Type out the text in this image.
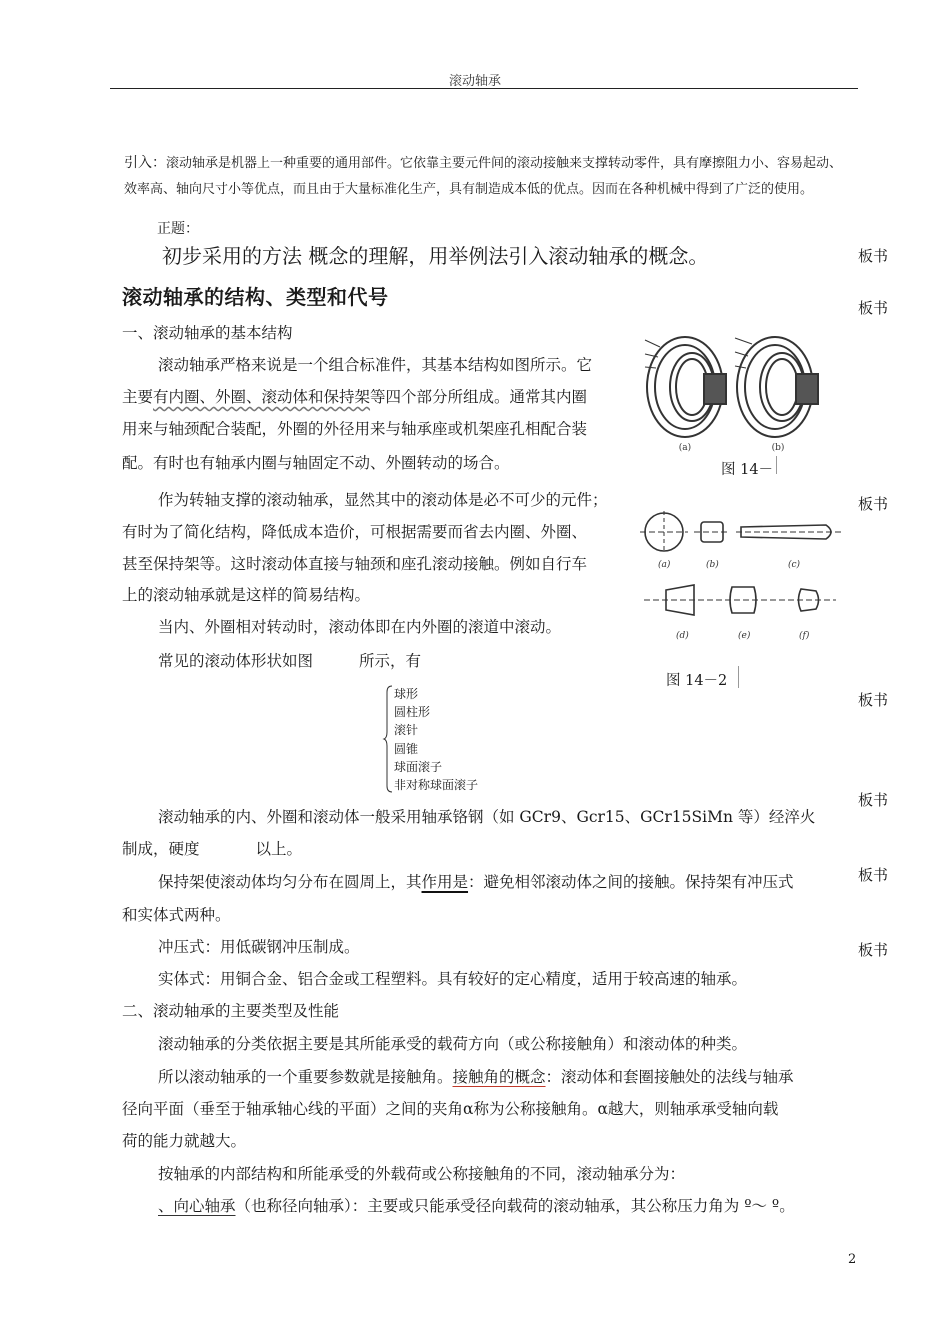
滚动轴承
引入：滚动轴承是机器上一种重要的通用部件。它依靠主要元件间的滚动接触来支撑转动零件，具有摩擦阻力小、容易起动、效率高、轴向尺寸小等优点，而且由于大量标准化生产，具有制造成本低的优点。因而在各种机械中得到了广泛的使用。
正题：
初步采用的方法 概念的理解，用举例法引入滚动轴承的概念。	板书
滚动轴承的结构、类型和代号	板书
一、滚动轴承的基本结构
滚动轴承严格来说是一个组合标准件，其基本结构如图所示。它
主要有内圈、外圈、滚动体和保持架等四个部分所组成。通常其内圈
用来与轴颈配合装配，外圈的外径用来与轴承座或机架座孔相配合装
配。有时也有轴承内圈与轴固定不动、外圈转动的场合。
(a)	(b)
图 14－
作为转轴支撑的滚动轴承，显然其中的滚动体是必不可少的元件；	板书
有时为了简化结构，降低成本造价，可根据需要而省去内圈、外圈、
甚至保持架等。这时滚动体直接与轴颈和座孔滚动接触。例如自行车
上的滚动轴承就是这样的简易结构。
(a)	(b)	(c)
(d)	(e)	(f)
当内、外圈相对转动时，滚动体即在内外圈的滚道中滚动。
常见的滚动体形状如图	所示，有
图 14－2
球形
圆柱形
滚针
圆锥
球面滚子
非对称球面滚子
板书
滚动轴承的内、外圈和滚动体一般采用轴承铬钢（如 GCr9、Gcr15、GCr15SiMn 等）经淬火
板书
制成，硬度	以上。
保持架使滚动体均匀分布在圆周上，其作用是：避免相邻滚动体之间的接触。保持架有冲压式	板书
和实体式两种。
冲压式：用低碳钢冲压制成。	板书
实体式：用铜合金、铝合金或工程塑料。具有较好的定心精度，适用于较高速的轴承。
二、滚动轴承的主要类型及性能
滚动轴承的分类依据主要是其所能承受的载荷方向（或公称接触角）和滚动体的种类。
所以滚动轴承的一个重要参数就是接触角。接触角的概念：滚动体和套圈接触处的法线与轴承
径向平面（垂至于轴承轴心线的平面）之间的夹角α称为公称接触角。α越大，则轴承承受轴向载
荷的能力就越大。
按轴承的内部结构和所能承受的外载荷或公称接触角的不同，滚动轴承分为：
、向心轴承（也称径向轴承）：主要或只能承受径向载荷的滚动轴承，其公称压力角为 º～ º。
2
